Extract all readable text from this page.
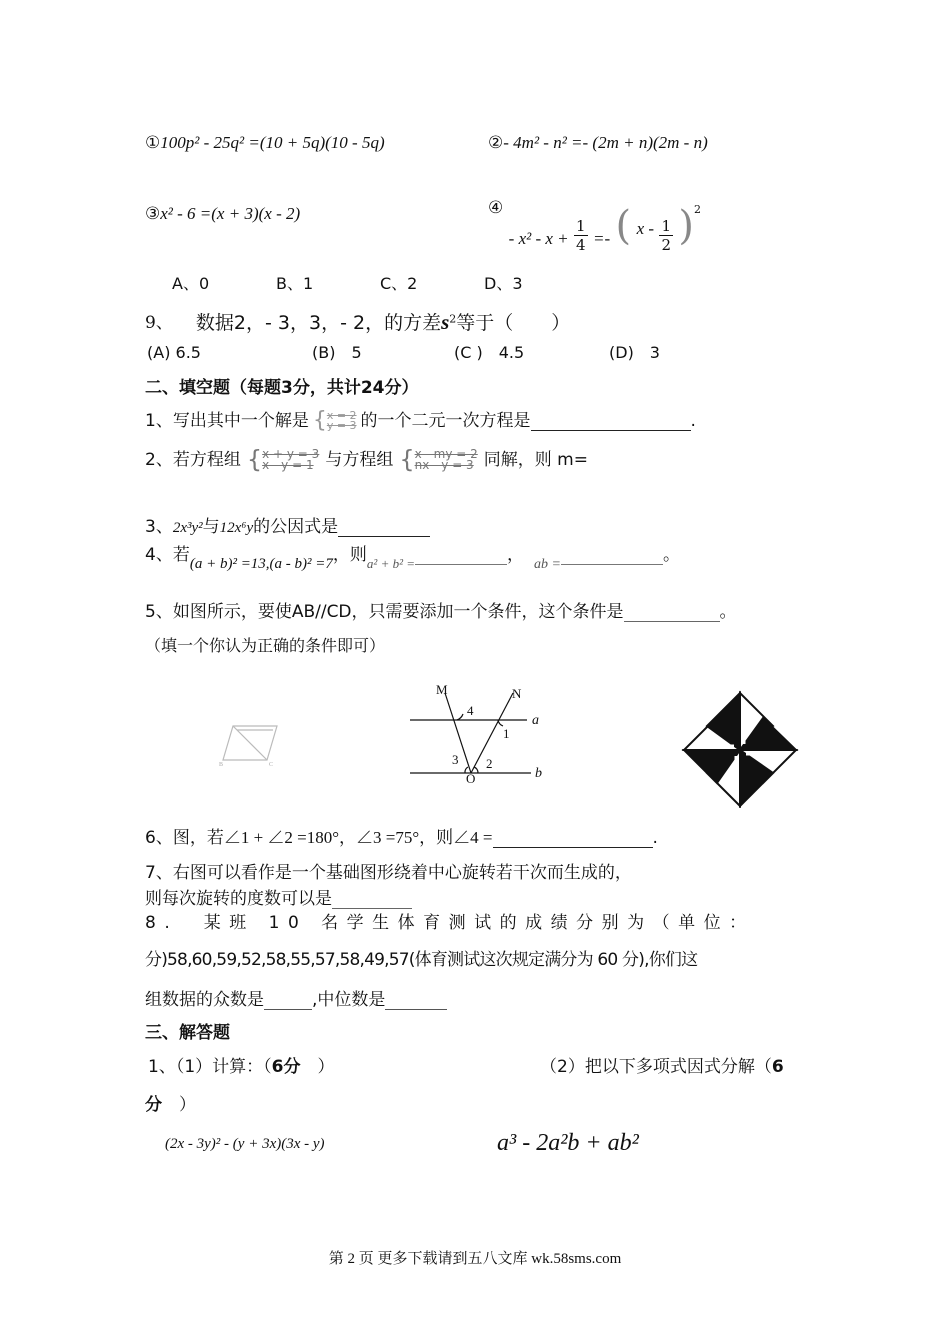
①100p² - 25q² =(10 + 5q)(10 - 5q)	②- 4m² - n² =- (2m + n)(2m - n)
③x² - 6 =(x + 3)(x - 2)	④ - $x^2 - x + \frac{1}{4}$ =- ( x - $\frac{1}{2} )^2$
A、0	B、1	C、2	D、3
9、 数据2，- 3，3，- 2，的方差$s^2$等于（　　）
(A) 6.5	(B)　5	(C )　4.5	(D)　3
二、填空题（每题3分，共计24分）
1、写出其中一个解是 { x = 2
y = 3 的一个二元一次方程是	.
2、若方程组 { x + y = 3
x - y = 1 与方程组 { x - my = 2
nx - y = 3 同解，则 m=
3、2x³y²与12x⁶y的公因式是
4、若(a + b)² =13,(a - b)² =7，则$_{a^2 + b^2 =}$	， $_{ab =}$	。
5、如图所示，要使AB//CD，只需要添加一个条件，这个条件是	。
（填一个你认为正确的条件即可）
B	C
M	N
4
1
3 2
O
a
b
6、图，若∠1 + ∠2 =180°，∠3 =75°，则∠4 =	.
7、右图可以看作是一个基础图形绕着中心旋转若干次而生成的，
则每次旋转的度数可以是
8.　某班 10 名学生体育测试的成绩分别为（单位：
分)58,60,59,52,58,55,57,58,49,57(体育测试这次规定满分为 60 分),你们这
组数据的众数是	,中位数是
三、解答题
1、（1）计算：（6分　）	（2）把以下多项式因式分解（6
分　）
(2x - 3y)² - (y + 3x)(3x - y)	a³ - 2a²b + ab²
第 2 页 更多下载请到五八文库 wk.58sms.com
